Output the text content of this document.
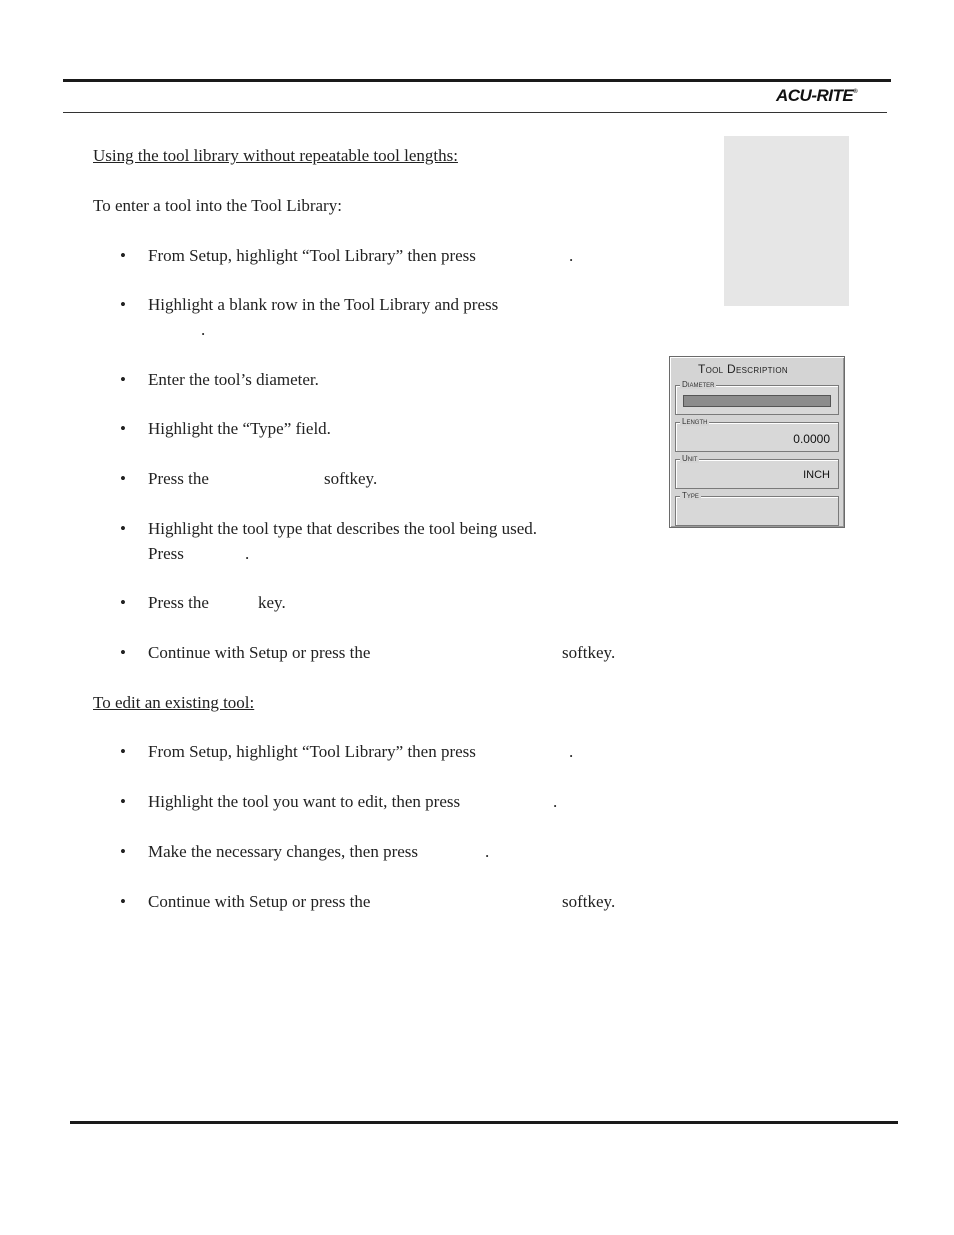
ACU-RITE®
Using the tool library without repeatable tool lengths:
To enter a tool into the Tool Library:
• From Setup, highlight “Tool Library” then press	.
• Highlight a blank row in the Tool Library and press
.
• Enter the tool’s diameter.
• Highlight the “Type” field.
• Press the	softkey.
• Highlight the tool type that describes the tool being used.
Press	.
• Press the	key.
• Continue with Setup or press the	softkey.
To edit an existing tool:
• From Setup, highlight “Tool Library” then press	.
• Highlight the tool you want to edit, then press	.
• Make the necessary changes, then press	.
• Continue with Setup or press the	softkey.
Tool Description
Diameter
0.0000
Length
INCH
Unit
Type
